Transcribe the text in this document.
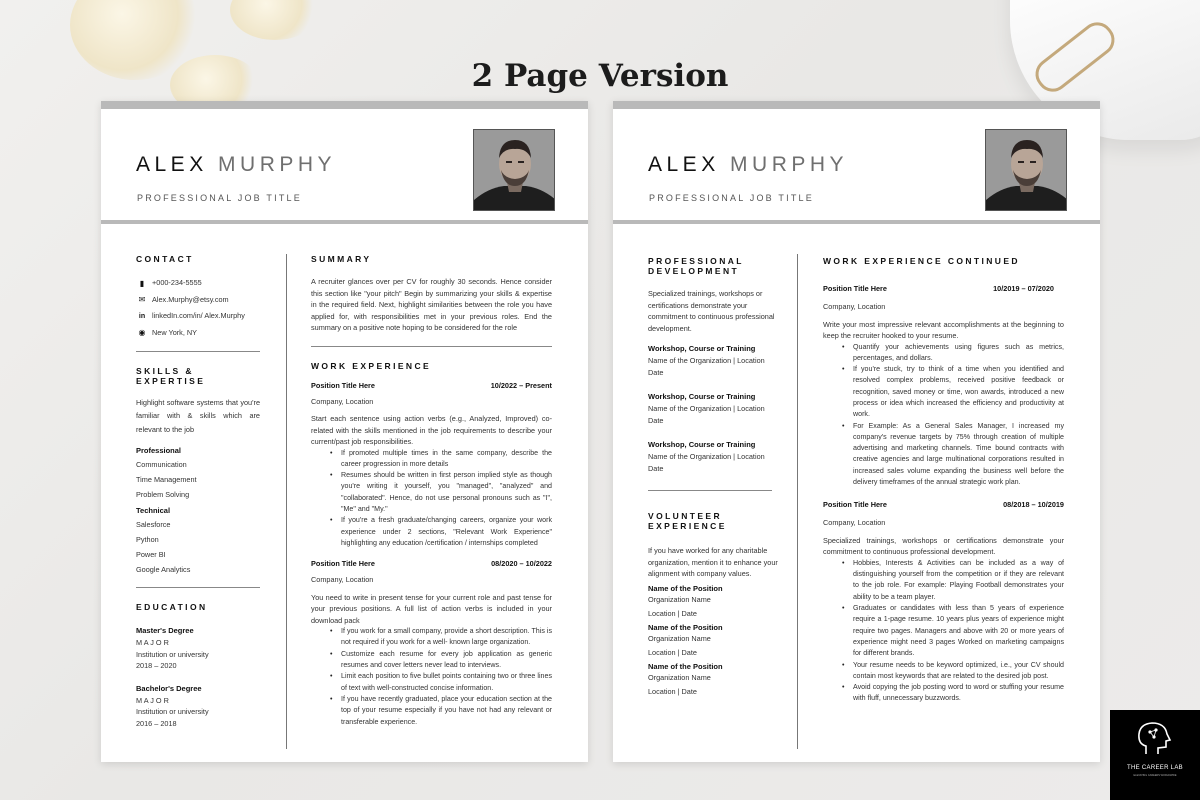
2 Page Version
ALEX MURPHY
PROFESSIONAL JOB TITLE
CONTACT
▮	+000-234-5555
✉ Alex.Murphy@etsy.com
in linkedIn.com/in/ Alex.Murphy
◉ New York, NY
SKILLS & EXPERTISE
Highlight software systems that you're familiar with & skills which are relevant to the job
Professional
Communication
Time Management
Problem Solving
Technical
Salesforce
Python
Power BI
Google Analytics
EDUCATION
Master's Degree
M A J O R
Institution or university
2018 – 2020
Bachelor's Degree
M A J O R
Institution or university
2016 – 2018
SUMMARY
A recruiter glances over per CV for roughly 30 seconds. Hence consider this section like "your pitch" Begin by summarizing your skills & expertise in the required field. Next, highlight similarities between the role you have applied for, with responsibilities met in your previous roles. End the summary on a positive note hoping to be considered for the role
WORK EXPERIENCE
Position Title Here	10/2022 – Present
Company, Location
Start each sentence using action verbs (e.g., Analyzed, Improved) co-related with the skills mentioned in the job requirements to describe your current/past job responsibilities.
• If promoted multiple times in the same company, describe the career progression in more details
• Resumes should be written in first person implied style as though you're writing it yourself, you "managed", "analyzed" and "collaborated". Hence, do not use personal pronouns such as "I", "Me" and "My."
• If you're a fresh graduate/changing careers, organize your work experience under 2 sections, "Relevant Work Experience" highlighting any education /certification / internships completed
Position Title Here	08/2020 – 10/2022
Company, Location
You need to write in present tense for your current role and past tense for your previous positions. A full list of action verbs is included in your download pack
• If you work for a small company, provide a short description. This is not required if you work for a well- known large organization.
• Customize each resume for every job application as generic resumes and cover letters never lead to interviews.
• Limit each position to five bullet points containing two or three lines of text with well-constructed concise information.
• If you have recently graduated, place your education section at the top of your resume especially if you have not had any relevant or transferable experience.
ALEX MURPHY
PROFESSIONAL JOB TITLE
PROFESSIONAL
DEVELOPMENT
Specialized trainings, workshops or certifications demonstrate your commitment to continuous professional development.
Workshop, Course or Training
Name of the Organization | Location
Date
Workshop, Course or Training
Name of the Organization | Location
Date
Workshop, Course or Training
Name of the Organization | Location
Date
VOLUNTEER
EXPERIENCE
If you have worked for any charitable organization, mention it to enhance your alignment with company values.
Name of the Position
Organization Name
Location | Date
Name of the Position
Organization Name
Location | Date
Name of the Position
Organization Name
Location | Date
WORK EXPERIENCE CONTINUED
Position Title Here	10/2019 – 07/2020
Company, Location
Write your most impressive relevant accomplishments at the beginning to keep the recruiter hooked to your resume.
• Quantify your achievements using figures such as metrics, percentages, and dollars.
• If you're stuck, try to think of a time when you identified and resolved complex problems, received positive feedback or recognition, saved money or time, won awards, introduced a new process or idea which increased the efficiency and productivity at work.
• For Example: As a General Sales Manager, I increased my company's revenue targets by 75% through creation of multiple advertising and marketing channels. Time bound contracts with creative agencies and large multinational corporations resulted in increased sales volume expanding the business well before the delivery timeframes of the annual strategic work plan.
Position Title Here	08/2018 – 10/2019
Company, Location
Specialized trainings, workshops or certifications demonstrate your commitment to continuous professional development.
• Hobbies, Interests & Activities can be included as a way of distinguishing yourself from the competition or if they are relevant to the job role. For example: Playing Football demonstrates your ability to be a team player.
• Graduates or candidates with less than 5 years of experience require a 1-page resume. 10 years plus years of experience might require two pages. Managers and above with 20 or more years of experience might need 3 pages Worked on marketing campaigns for different brands.
• Your resume needs to be keyword optimized, i.e., your CV should contain most keywords that are related to the desired job post.
• Avoid copying the job posting word to word or stuffing your resume with fluff, unnecessary buzzwords.
THE CAREER LAB
ELEVATING CAREERS WORLDWIDE
